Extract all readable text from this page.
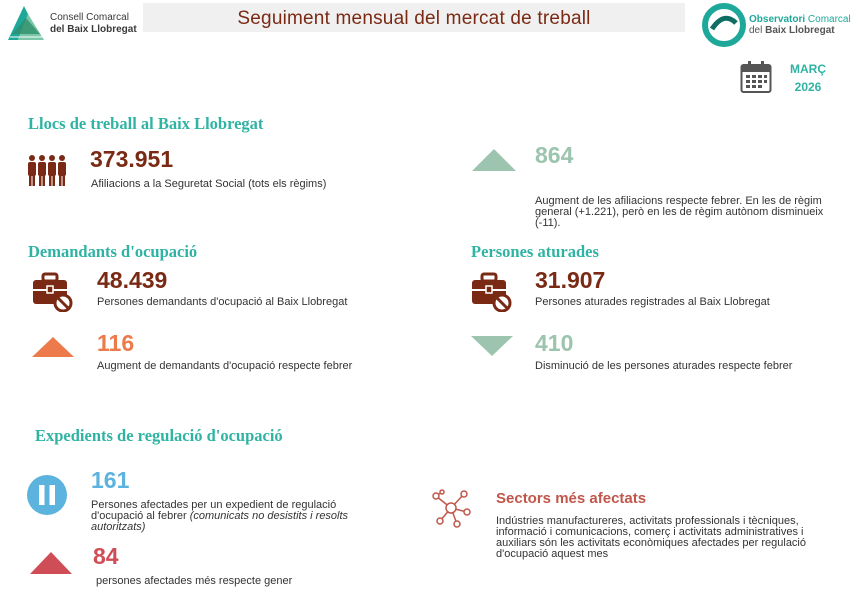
Consell Comarcal
del Baix Llobregat
Seguiment mensual del mercat de treball	Observatori Comarcal
del Baix Llobregat
MARÇ
2026
Llocs de treball al Baix Llobregat
373.951
Afiliacions a la Seguretat Social (tots els règims)
864
Augment de les afiliacions respecte febrer. En les de règim general (+1.221), però en les de règim autònom disminueix (-11).
Demandants d'ocupació
48.439
Persones demandants d'ocupació al Baix Llobregat
116
Augment de demandants d'ocupació respecte febrer
Persones aturades
31.907
Persones aturades registrades al Baix Llobregat
410
Disminució de les persones aturades respecte febrer
Expedients de regulació d'ocupació
161
Persones afectades per un expedient de regulació d'ocupació al febrer (comunicats no desistits i resolts autoritzats)
84
persones afectades més respecte gener
Sectors més afectats
Indústries manufactureres, activitats professionals i tècniques, informació i comunicacions, comerç i activitats administratives i auxiliars són les activitats econòmiques afectades per regulació d'ocupació aquest mes
